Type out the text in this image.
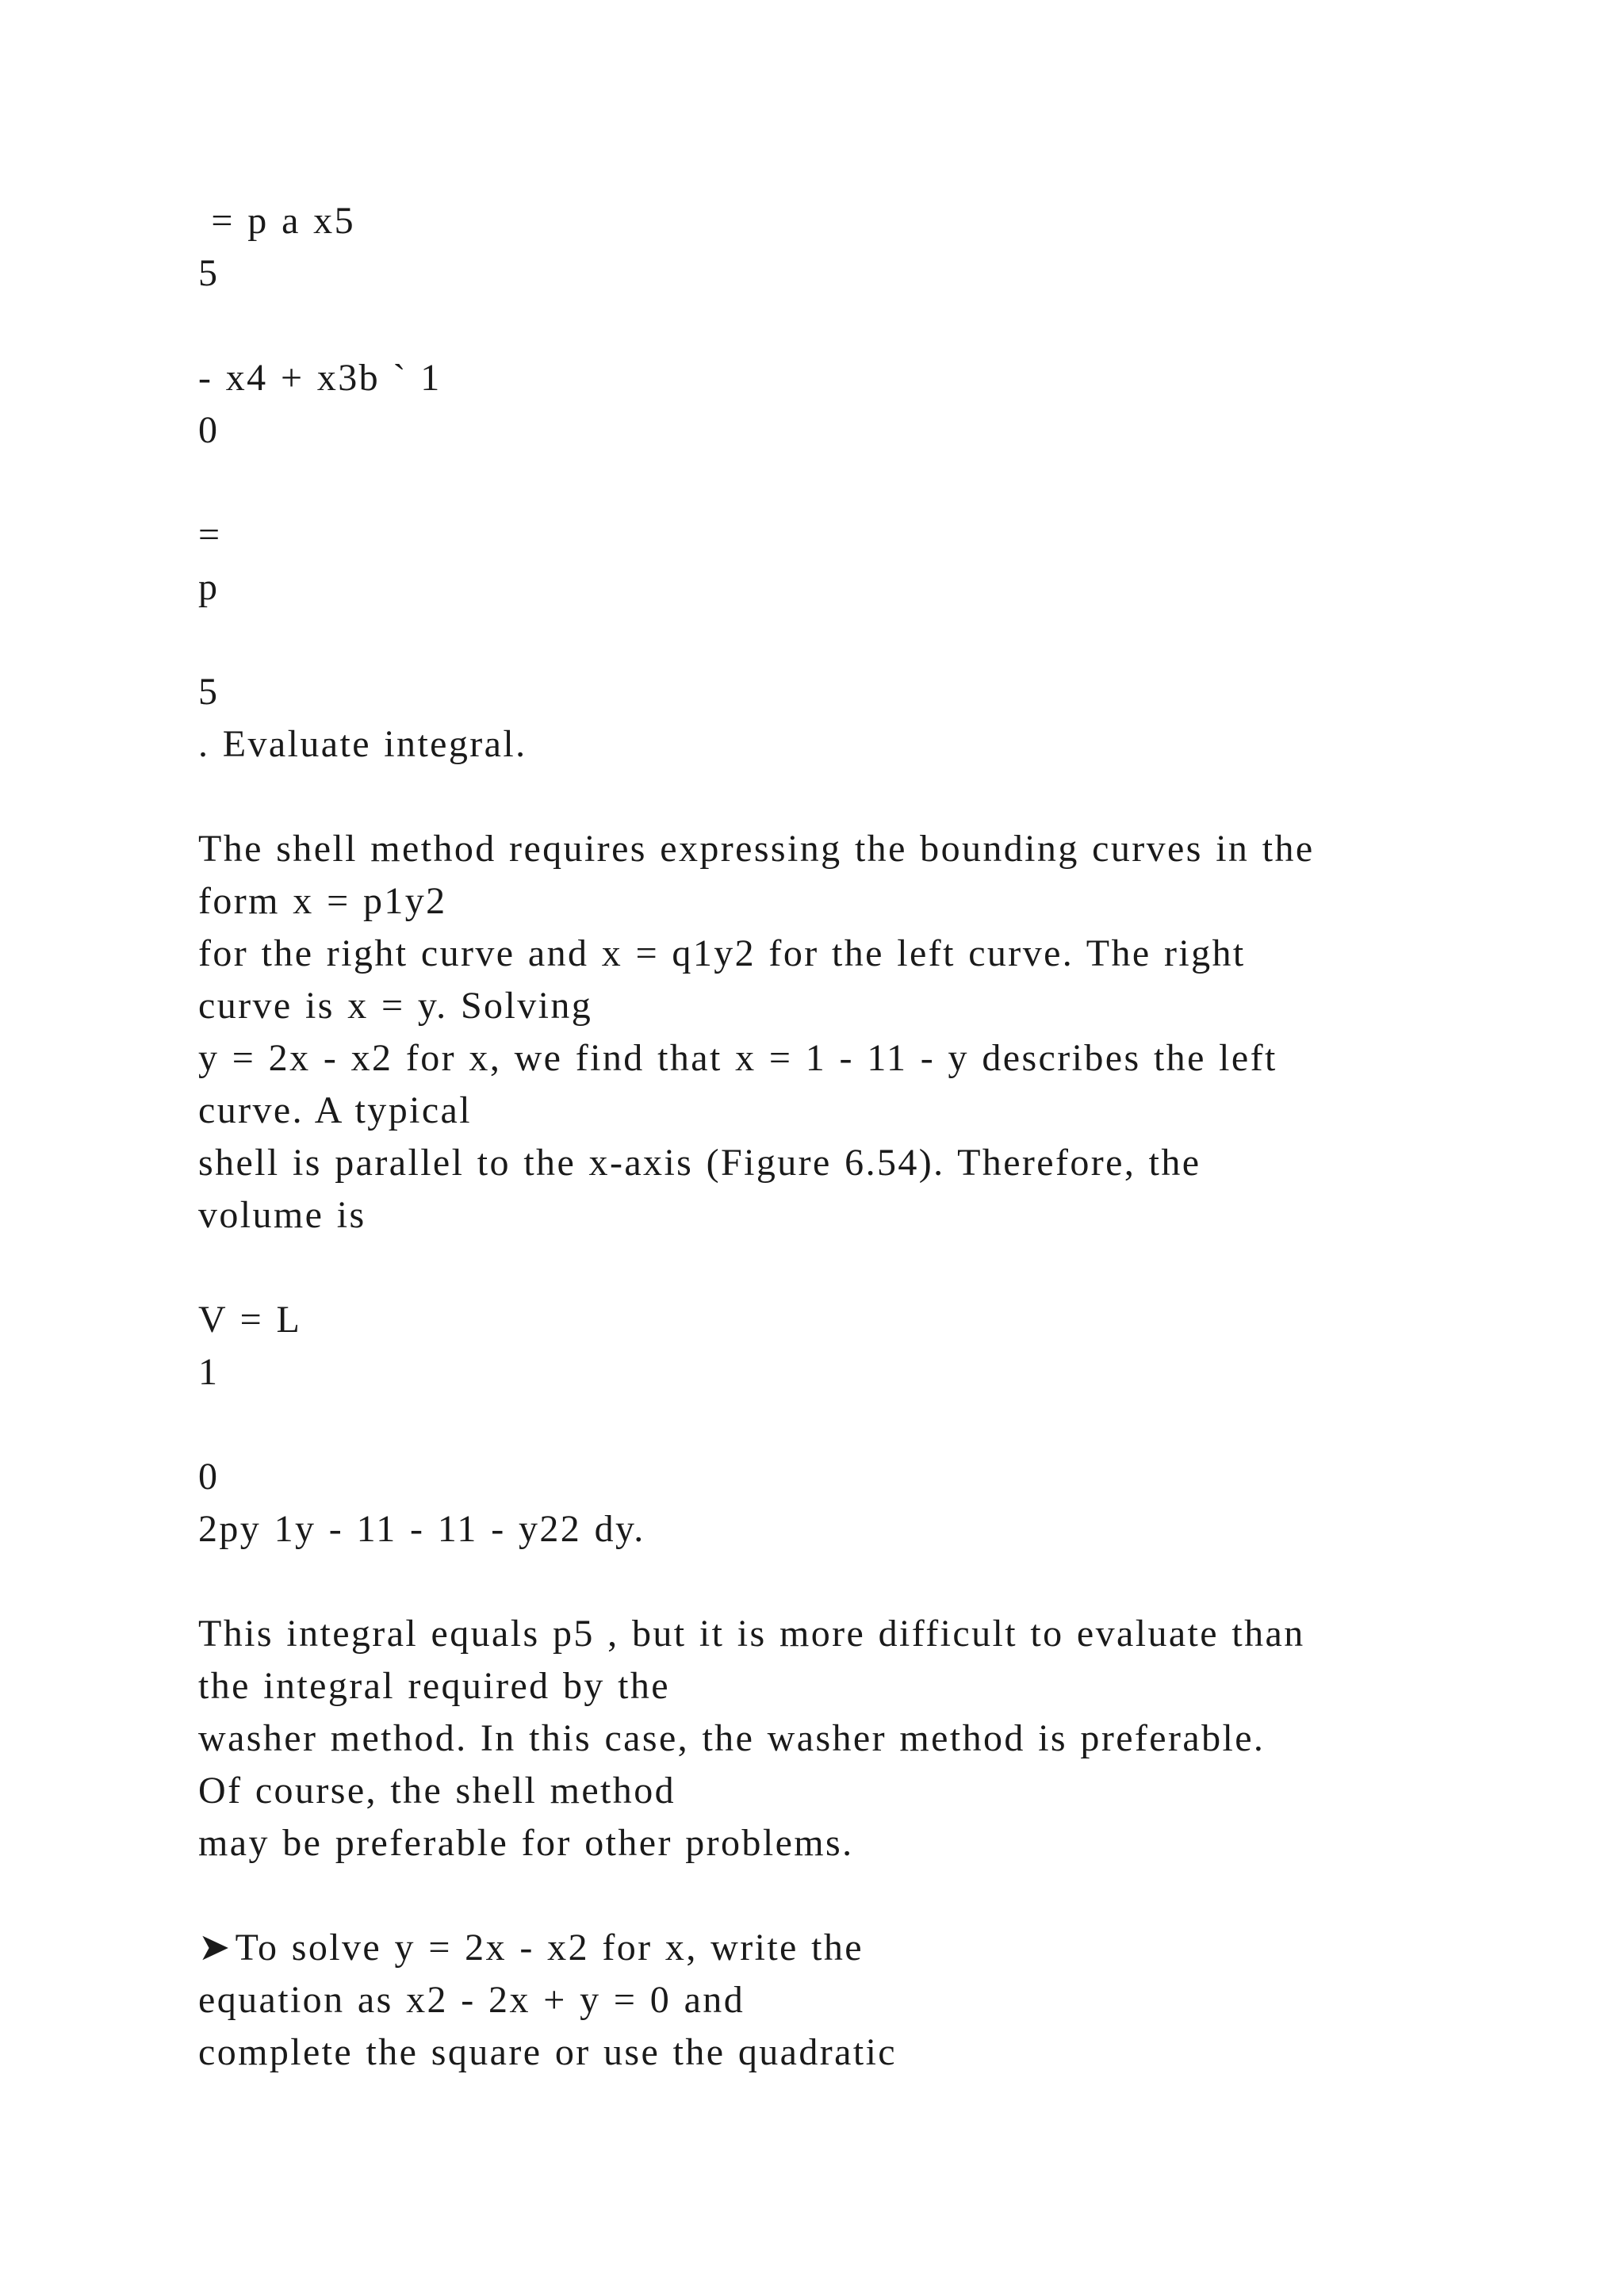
= p a x5
5
- x4 + x3b ` 1
0
=
p
5
. Evaluate integral.
The shell method requires expressing the bounding curves in the
form x = p1y2
for the right curve and x = q1y2 for the left curve. The right
curve is x = y. Solving
y = 2x - x2 for x, we find that x = 1 - 11 - y describes the left
curve. A typical
shell is parallel to the x-axis (Figure 6.54). Therefore, the
volume is
V = L
1
0
2py 1y - 11 - 11 - y22 dy.
This integral equals p5 , but it is more difficult to evaluate than
the integral required by the
washer method. In this case, the washer method is preferable.
Of course, the shell method
may be preferable for other problems.
➤To solve y = 2x - x2 for x, write the
equation as x2 - 2x + y = 0 and
complete the square or use the quadratic
